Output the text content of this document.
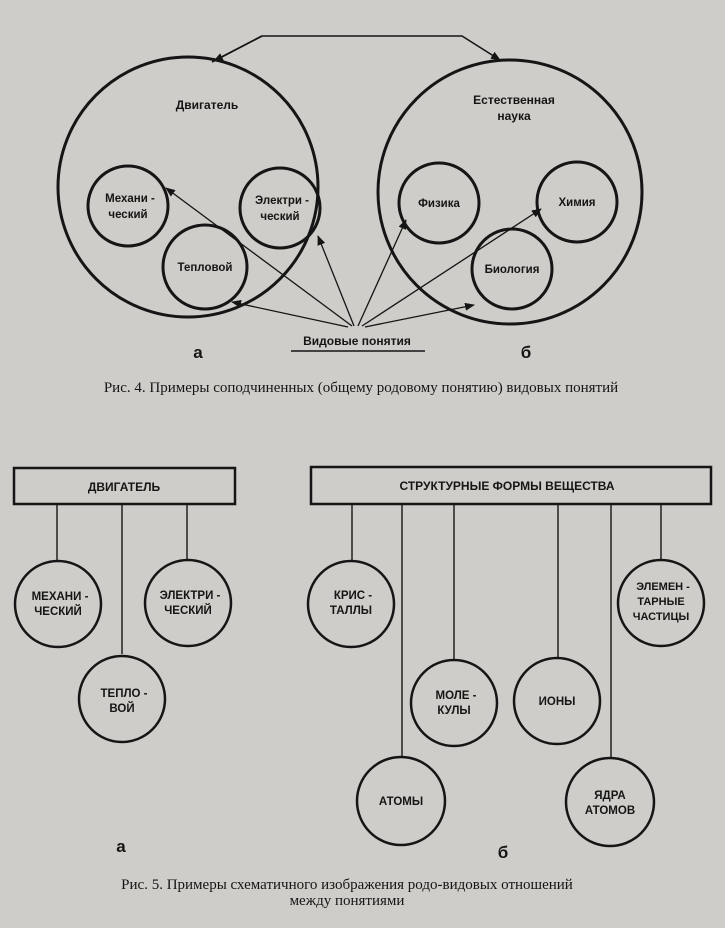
Двигатель	Естественная
наука
Механи -
ческий
Электри -
ческий
Тепловой
Физика	Химия
Биология
Видовые понятия
а	б
Рис. 4. Примеры соподчиненных (общему родовому понятию) видовых понятий
ДВИГАТЕЛЬ	СТРУКТУРНЫЕ ФОРМЫ ВЕЩЕСТВА
МЕХАНИ -
ЧЕСКИЙ
ТЕПЛО -
ВОЙ
ЭЛЕКТРИ -
ЧЕСКИЙ
КРИС -
ТАЛЛЫ
АТОМЫ
МОЛЕ -
КУЛЫ
ИОНЫ
ЯДРА
АТОМОВ
ЭЛЕМЕН -
ТАРНЫЕ
ЧАСТИЦЫ
а	б
Рис. 5. Примеры схематичного изображения родо-видовых отношений
между понятиями
